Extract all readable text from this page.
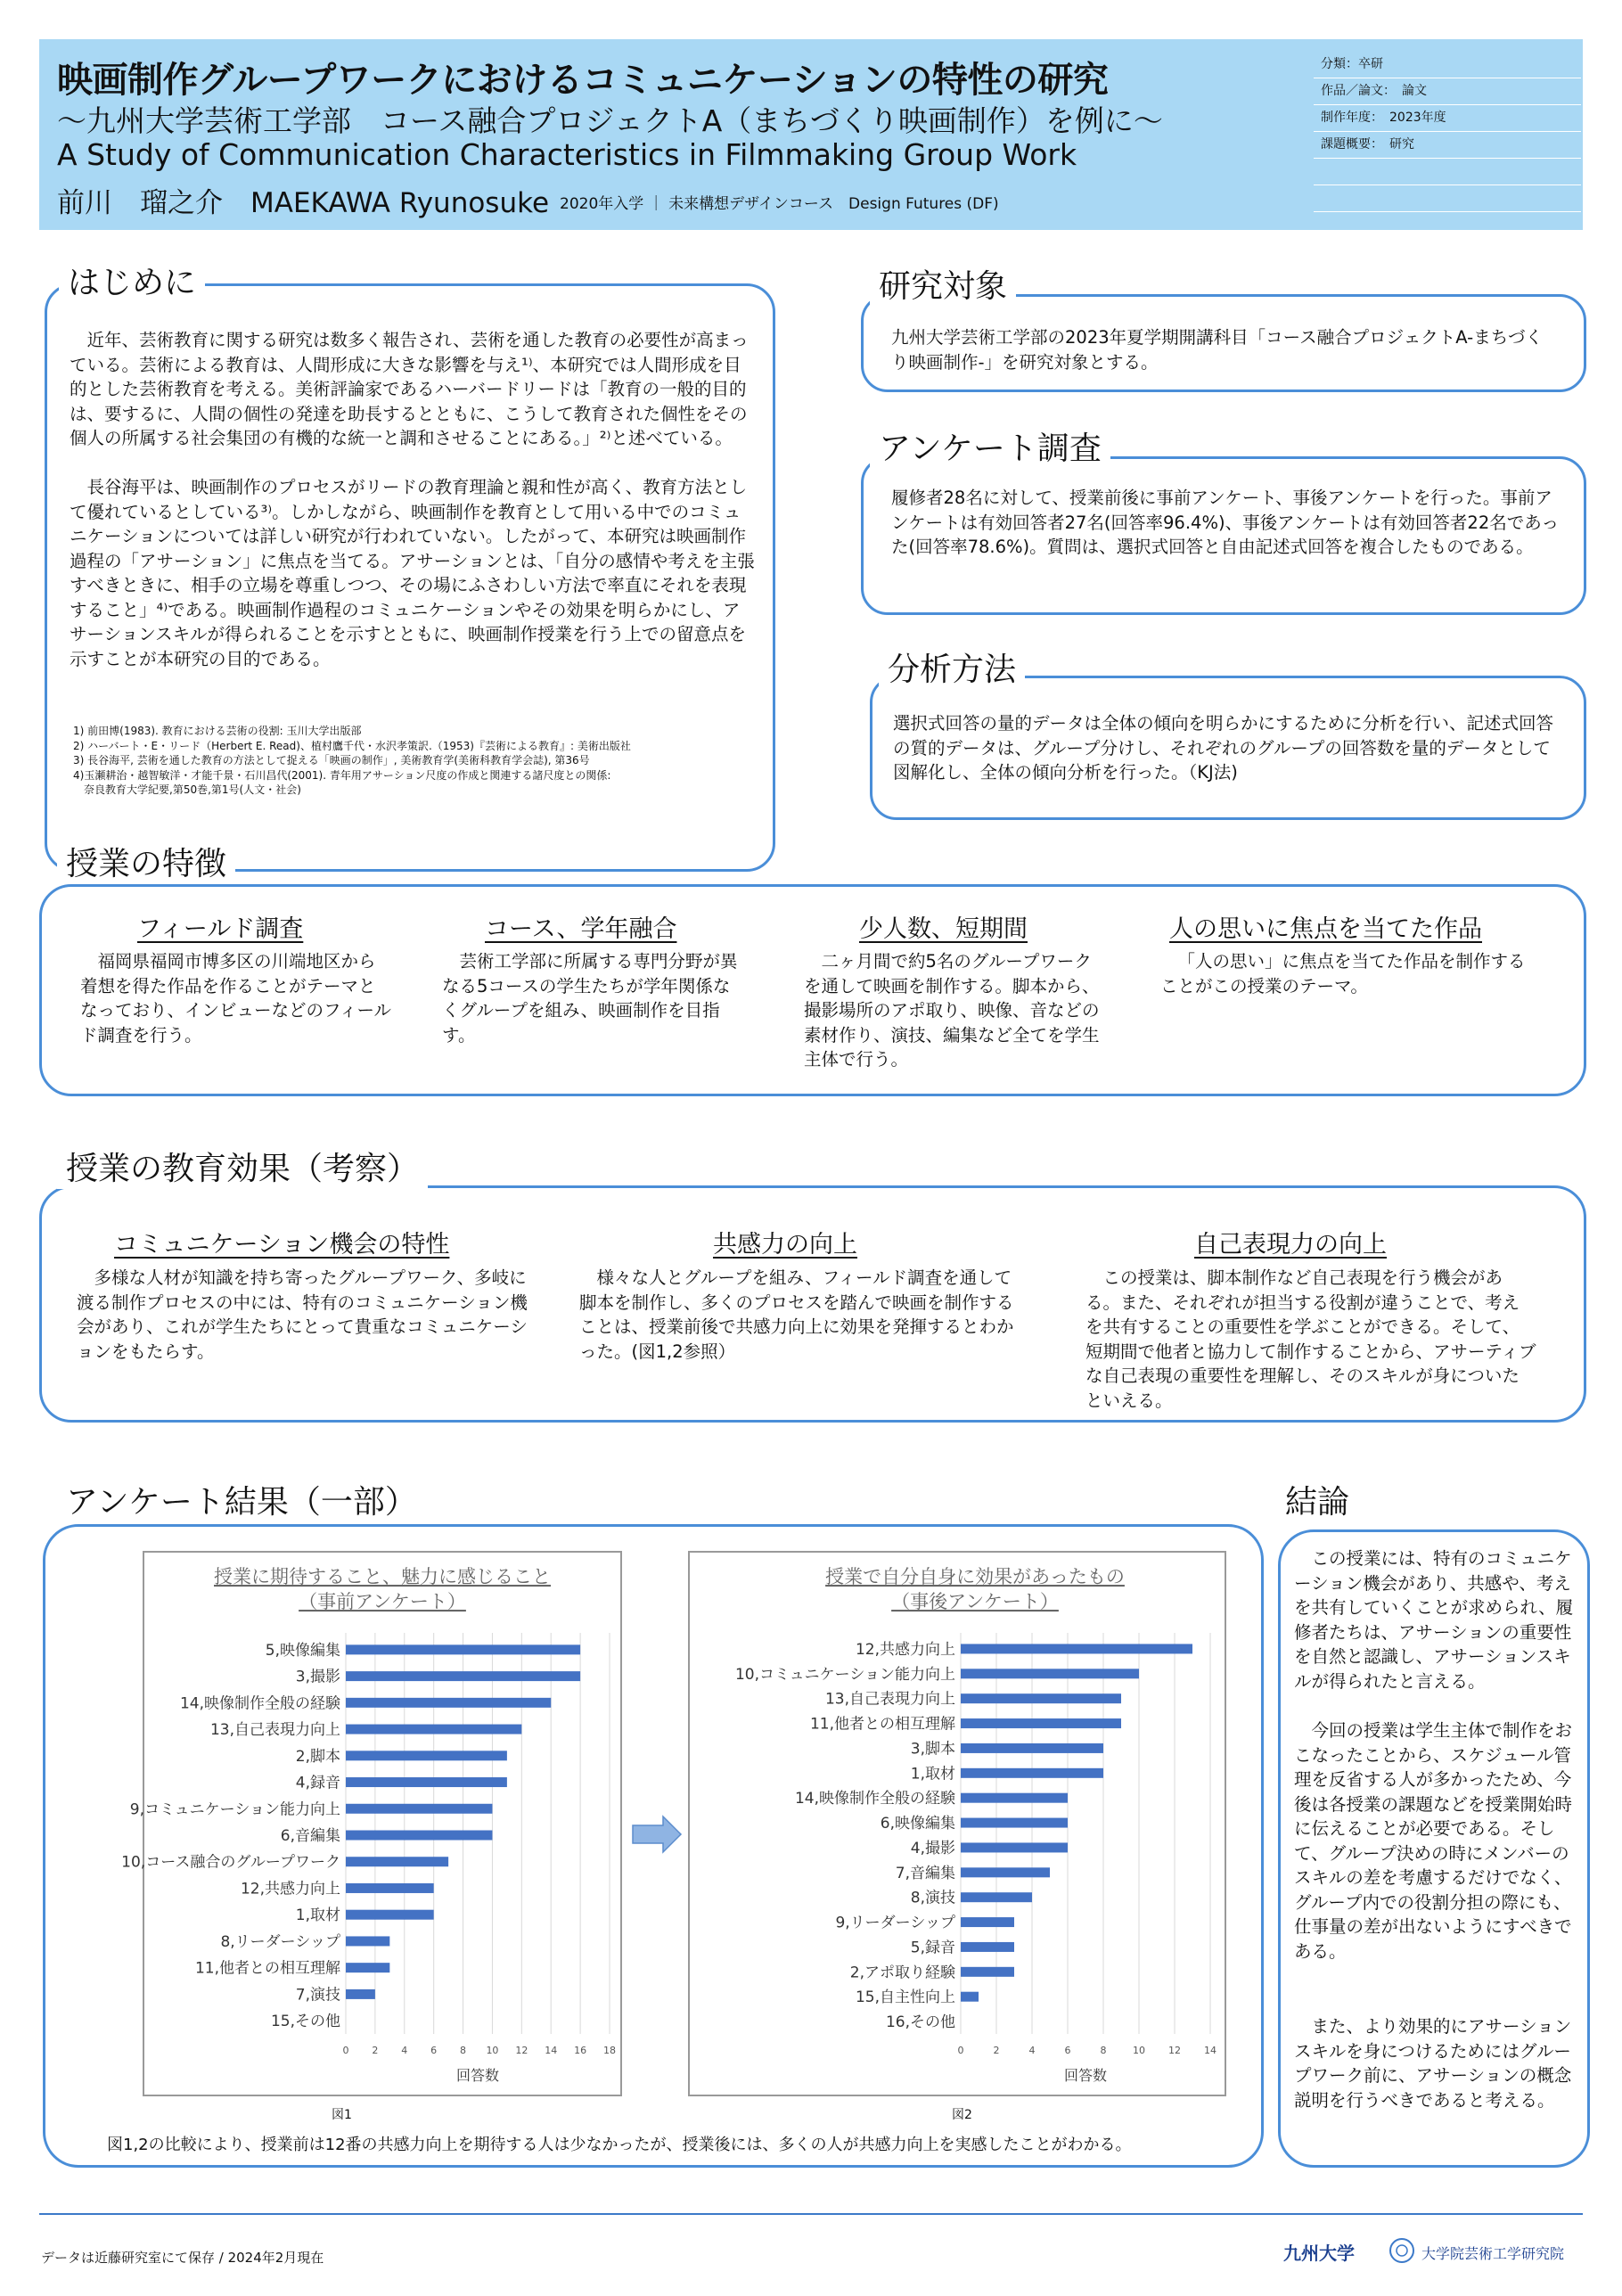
映画制作グループワークにおけるコミュニケーションの特性の研究
〜九州大学芸術工学部　コース融合プロジェクトA（まちづくり映画制作）を例に〜
A Study of Communication Characteristics in Filmmaking Group Work
前川　瑠之介　MAEKAWA Ryunosuke 2020年入学 ｜ 未来構想デザインコース　Design Futures (DF)
分類：卒研
作品／論文：　論文
制作年度：　2023年度
課題概要：　研究
はじめに
　近年、芸術教育に関する研究は数多く報告され、芸術を通した教育の必要性が高まっている。芸術による教育は、人間形成に大きな影響を与え¹⁾、本研究では人間形成を目的とした芸術教育を考える。美術評論家であるハーバードリードは「教育の一般的目的は、要するに、人間の個性の発達を助長するとともに、こうして教育された個性をその個人の所属する社会集団の有機的な統一と調和させることにある。」²⁾と述べている。
　長谷海平は、映画制作のプロセスがリードの教育理論と親和性が高く、教育方法として優れているとしている³⁾。しかしながら、映画制作を教育として用いる中でのコミュニケーションについては詳しい研究が行われていない。したがって、本研究は映画制作過程の「アサーション」に焦点を当てる。アサーションとは、「自分の感情や考えを主張すべきときに、相手の立場を尊重しつつ、その場にふさわしい方法で率直にそれを表現すること」⁴⁾である。映画制作過程のコミュニケーションやその効果を明らかにし、アサーションスキルが得られることを示すとともに、映画制作授業を行う上での留意点を示すことが本研究の目的である。
1) 前田博(1983). 教育における芸術の役割: 玉川大学出版部
2) ハーバート・E・リード（Herbert E. Read)、植村鷹千代・水沢孝策訳.（1953)『芸術による教育』: 美術出版社
3) 長谷海平, 芸術を通した教育の方法として捉える「映画の制作」, 美術教育学(美術科教育学会誌), 第36号
4)玉瀬耕治・越智敏洋・才能千景・石川昌代(2001). 青年用アサーション尺度の作成と関連する諸尺度との関係:
　奈良教育大学紀要,第50巻,第1号(人文・社会)
研究対象
九州大学芸術工学部の2023年夏学期開講科目「コース融合プロジェクトA-まちづくり映画制作-」を研究対象とする。
アンケート調査
履修者28名に対して、授業前後に事前アンケート、事後アンケートを行った。事前アンケートは有効回答者27名(回答率96.4%)、事後アンケートは有効回答者22名であった(回答率78.6%)。質問は、選択式回答と自由記述式回答を複合したものである。
分析方法
選択式回答の量的データは全体の傾向を明らかにするために分析を行い、記述式回答の質的データは、グループ分けし、それぞれのグループの回答数を量的データとして図解化し、全体の傾向分析を行った。（KJ法)
授業の特徴
フィールド調査
福岡県福岡市博多区の川端地区から着想を得た作品を作ることがテーマとなっており、インビューなどのフィールド調査を行う。
コース、学年融合
芸術工学部に所属する専門分野が異なる5コースの学生たちが学年関係なくグループを組み、映画制作を目指す。
少人数、短期間
二ヶ月間で約5名のグループワークを通して映画を制作する。脚本から、撮影場所のアポ取り、映像、音などの素材作り、演技、編集など全てを学生主体で行う。
人の思いに焦点を当てた作品
「人の思い」に焦点を当てた作品を制作することがこの授業のテーマ。
授業の教育効果（考察）
コミュニケーション機会の特性
多様な人材が知識を持ち寄ったグループワーク、多岐に渡る制作プロセスの中には、特有のコミュニケーション機会があり、これが学生たちにとって貴重なコミュニケーションをもたらす。
共感力の向上
様々な人とグループを組み、フィールド調査を通して脚本を制作し、多くのプロセスを踏んで映画を制作することは、授業前後で共感力向上に効果を発揮するとわかった。(図1,2参照）
自己表現力の向上
この授業は、脚本制作など自己表現を行う機会がある。また、それぞれが担当する役割が違うことで、考えを共有することの重要性を学ぶことができる。そして、短期間で他者と協力して制作することから、アサーティブな自己表現の重要性を理解し、そのスキルが身についたといえる。
アンケート結果（一部）
授業に期待すること、魅力に感じること
（事前アンケート）
0 2 4 6 8 10 12 14 16 18
5,映像編集
3,撮影
14,映像制作全般の経験
13,自己表現力向上
2,脚本
4,録音
9,コミュニケーション能力向上
6,音編集
10,コース融合のグループワーク
12,共感力向上
1,取材
8,リーダーシップ
11,他者との相互理解
7,演技
15,その他
回答数
図1
授業で自分自身に効果があったもの
（事後アンケート）
0	2	4	6	8	10 12 14
12,共感力向上
10,コミュニケーション能力向上
13,自己表現力向上
11,他者との相互理解
3,脚本
1,取材
14,映像制作全般の経験
6,映像編集
4,撮影
7,音編集
8,演技
9,リーダーシップ
5,録音
2,アポ取り経験
15,自主性向上
16,その他
回答数
図2
図1,2の比較により、授業前は12番の共感力向上を期待する人は少なかったが、授業後には、多くの人が共感力向上を実感したことがわかる。
結論
　この授業には、特有のコミュニケーション機会があり、共感や、考えを共有していくことが求められ、履修者たちは、アサーションの重要性を自然と認識し、アサーションスキルが得られたと言える。
　今回の授業は学生主体で制作をおこなったことから、スケジュール管理を反省する人が多かったため、今後は各授業の課題などを授業開始時に伝えることが必要である。そして、グループ決めの時にメンバーのスキルの差を考慮するだけでなく、グループ内での役割分担の際にも、仕事量の差が出ないようにすべきである。
　また、より効果的にアサーションスキルを身につけるためにはグループワーク前に、アサーションの概念説明を行うべきであると考える。
データは近藤研究室にて保存 / 2024年2月現在	九州大学	大学院芸術工学研究院
